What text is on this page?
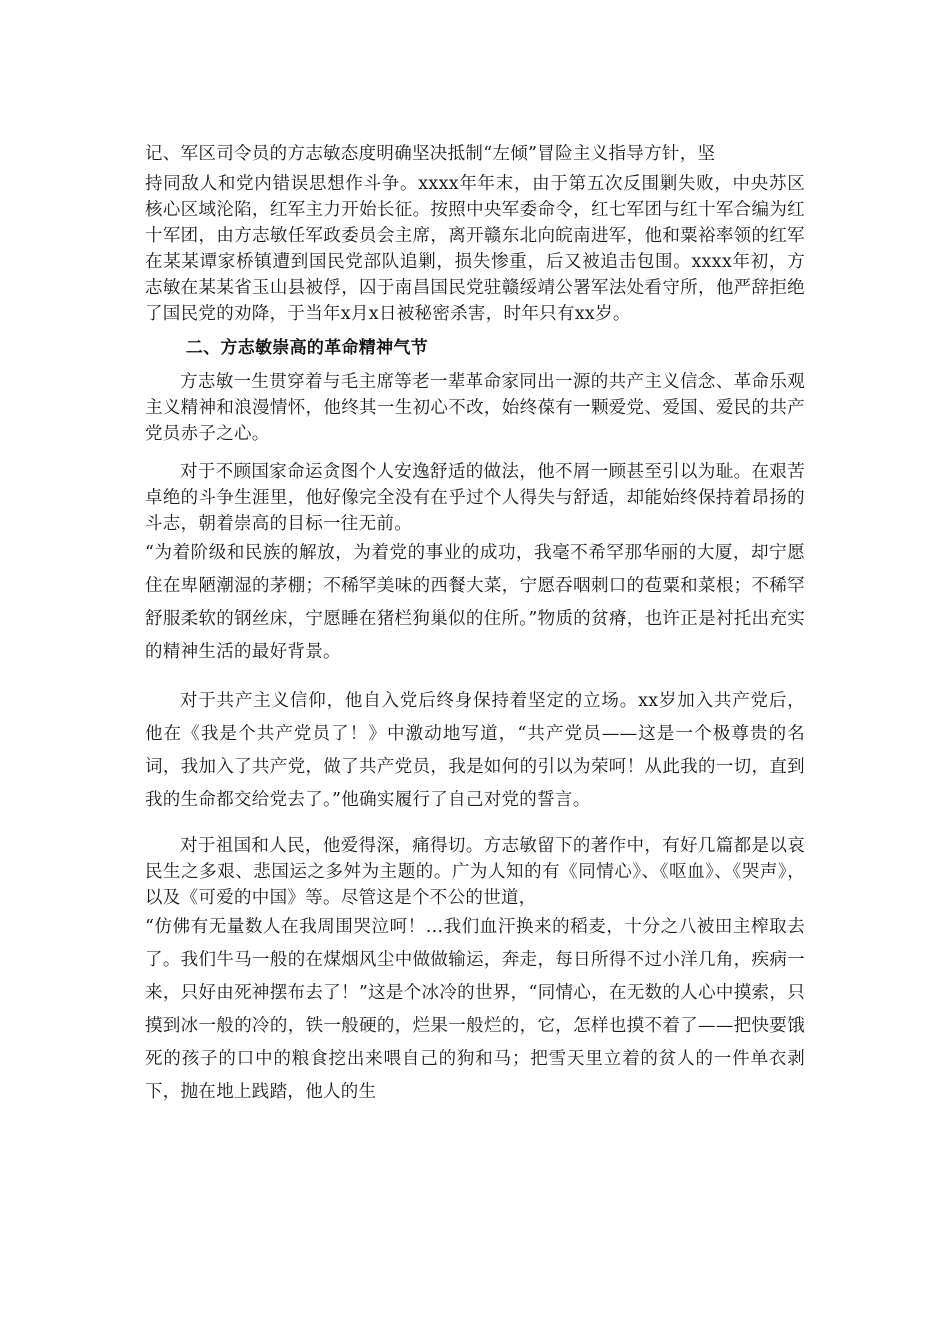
记、军区司令员的方志敏态度明确坚决抵制“左倾”冒险主义指导方针，坚

持同敌人和党内错误思想作斗争。xxxx年年末，由于第五次反围剿失败，中央苏区核心区域沦陷，红军主力开始长征。按照中央军委命令，红七军团与红十军合编为红十军团，由方志敏任军政委员会主席，离开赣东北向皖南进军，他和粟裕率领的红军在某某谭家桥镇遭到国民党部队追剿，损失惨重，后又被追击包围。xxxx年初，方志敏在某某省玉山县被俘，囚于南昌国民党驻赣绥靖公署军法处看守所，他严辞拒绝了国民党的劝降，于当年x月x日被秘密杀害，时年只有xx岁。

二、方志敏崇高的革命精神气节

方志敏一生贯穿着与毛主席等老一辈革命家同出一源的共产主义信念、革命乐观主义精神和浪漫情怀，他终其一生初心不改，始终葆有一颗爱党、爱国、爱民的共产党员赤子之心。

对于不顾国家命运贪图个人安逸舒适的做法，他不屑一顾甚至引以为耻。在艰苦卓绝的斗争生涯里，他好像完全没有在乎过个人得失与舒适，却能始终保持着昂扬的斗志，朝着崇高的目标一往无前。

“为着阶级和民族的解放，为着党的事业的成功，我毫不希罕那华丽的大厦，却宁愿住在卑陋潮湿的茅棚；不稀罕美味的西餐大菜，宁愿吞咽刺口的苞粟和菜根；不稀罕舒服柔软的钢丝床，宁愿睡在猪栏狗巢似的住所。”物质的贫瘠，也许正是衬托出充实的精神生活的最好背景。

对于共产主义信仰，他自入党后终身保持着坚定的立场。xx岁加入共产党后，他在《我是个共产党员了！》中激动地写道，“共产党员——这是一个极尊贵的名词，我加入了共产党，做了共产党员，我是如何的引以为荣呵！从此我的一切，直到我的生命都交给党去了。”他确实履行了自己对党的誓言。

对于祖国和人民，他爱得深，痛得切。方志敏留下的著作中，有好几篇都是以哀民生之多艰、悲国运之多舛为主题的。广为人知的有《同情心》、《呕血》、《哭声》，以及《可爱的中国》等。尽管这是个不公的世道，

“仿佛有无量数人在我周围哭泣呵！...我们血汗换来的稻麦，十分之八被田主榨取去了。我们牛马一般的在煤烟风尘中做做输运，奔走，每日所得不过小洋几角，疾病一来，只好由死神摆布去了！”这是个冰冷的世界，“同情心，在无数的人心中摸索，只摸到冰一般的冷的，铁一般硬的，烂果一般烂的，它，怎样也摸不着了——把快要饿死的孩子的口中的粮食挖出来喂自己的狗和马；把雪天里立着的贫人的一件单衣剥下，抛在地上践踏，他人的生
